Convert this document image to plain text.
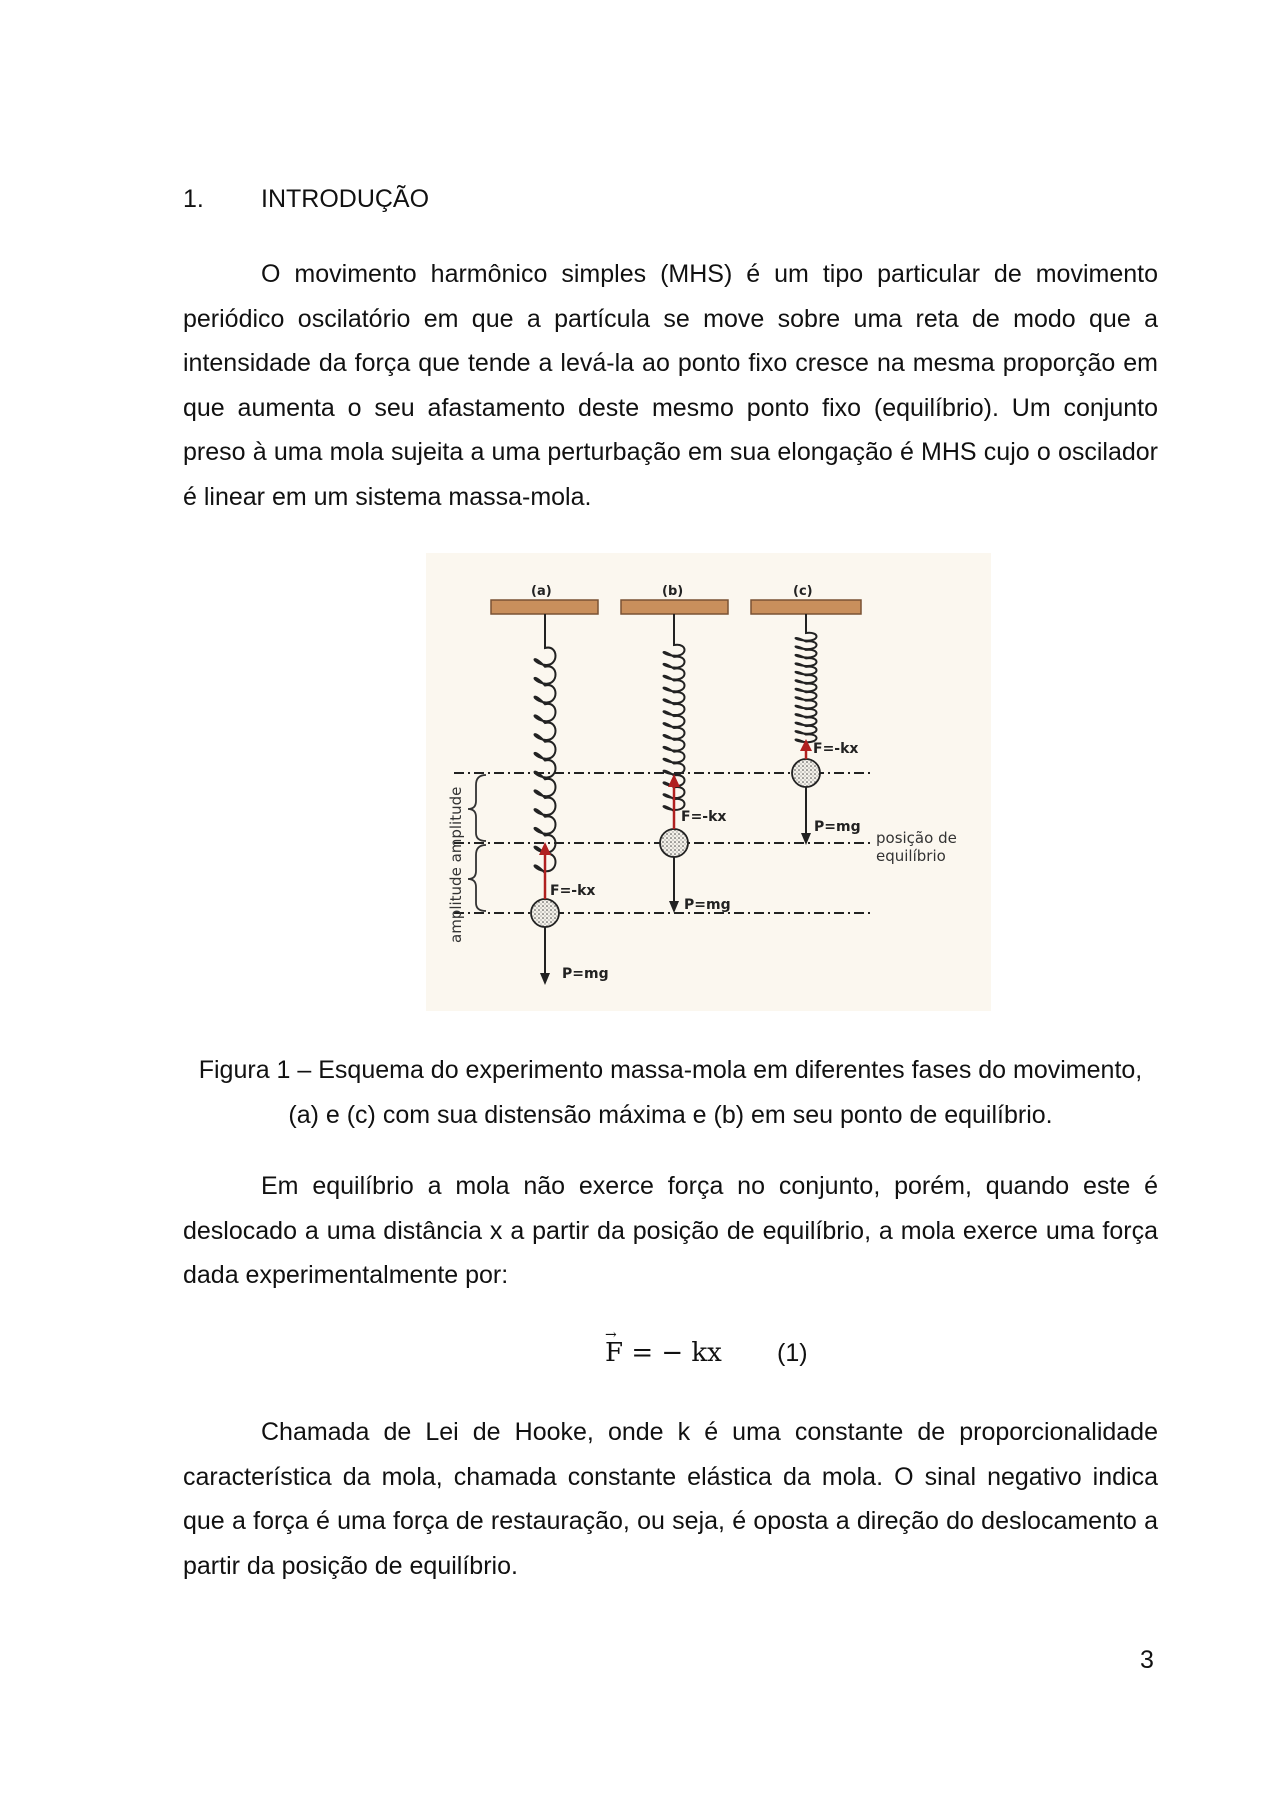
1. INTRODUÇÃO

O movimento harmônico simples (MHS) é um tipo particular de movimento periódico oscilatório em que a partícula se move sobre uma reta de modo que a intensidade da força que tende a levá-la ao ponto fixo cresce na mesma proporção em que aumenta o seu afastamento deste mesmo ponto fixo (equilíbrio). Um conjunto preso à uma mola sujeita a uma perturbação em sua elongação é MHS cujo o oscilador é linear em um sistema massa-mola.

(a)	(b)	(c)
amplitude amplitude	F=-kx
F=-kx
F=-kx
P=mg
P=mg
P=mg
posição de
equilíbrio

Figura 1 – Esquema do experimento massa-mola em diferentes fases do movimento, (a) e (c) com sua distensão máxima e (b) em seu ponto de equilíbrio.

Em equilíbrio a mola não exerce força no conjunto, porém, quando este é deslocado a uma distância x a partir da posição de equilíbrio, a mola exerce uma força dada experimentalmente por:

→ F = − kx (1)

Chamada de Lei de Hooke, onde k é uma constante de proporcionalidade característica da mola, chamada constante elástica da mola. O sinal negativo indica que a força é uma força de restauração, ou seja, é oposta a direção do deslocamento a partir da posição de equilíbrio.

3
